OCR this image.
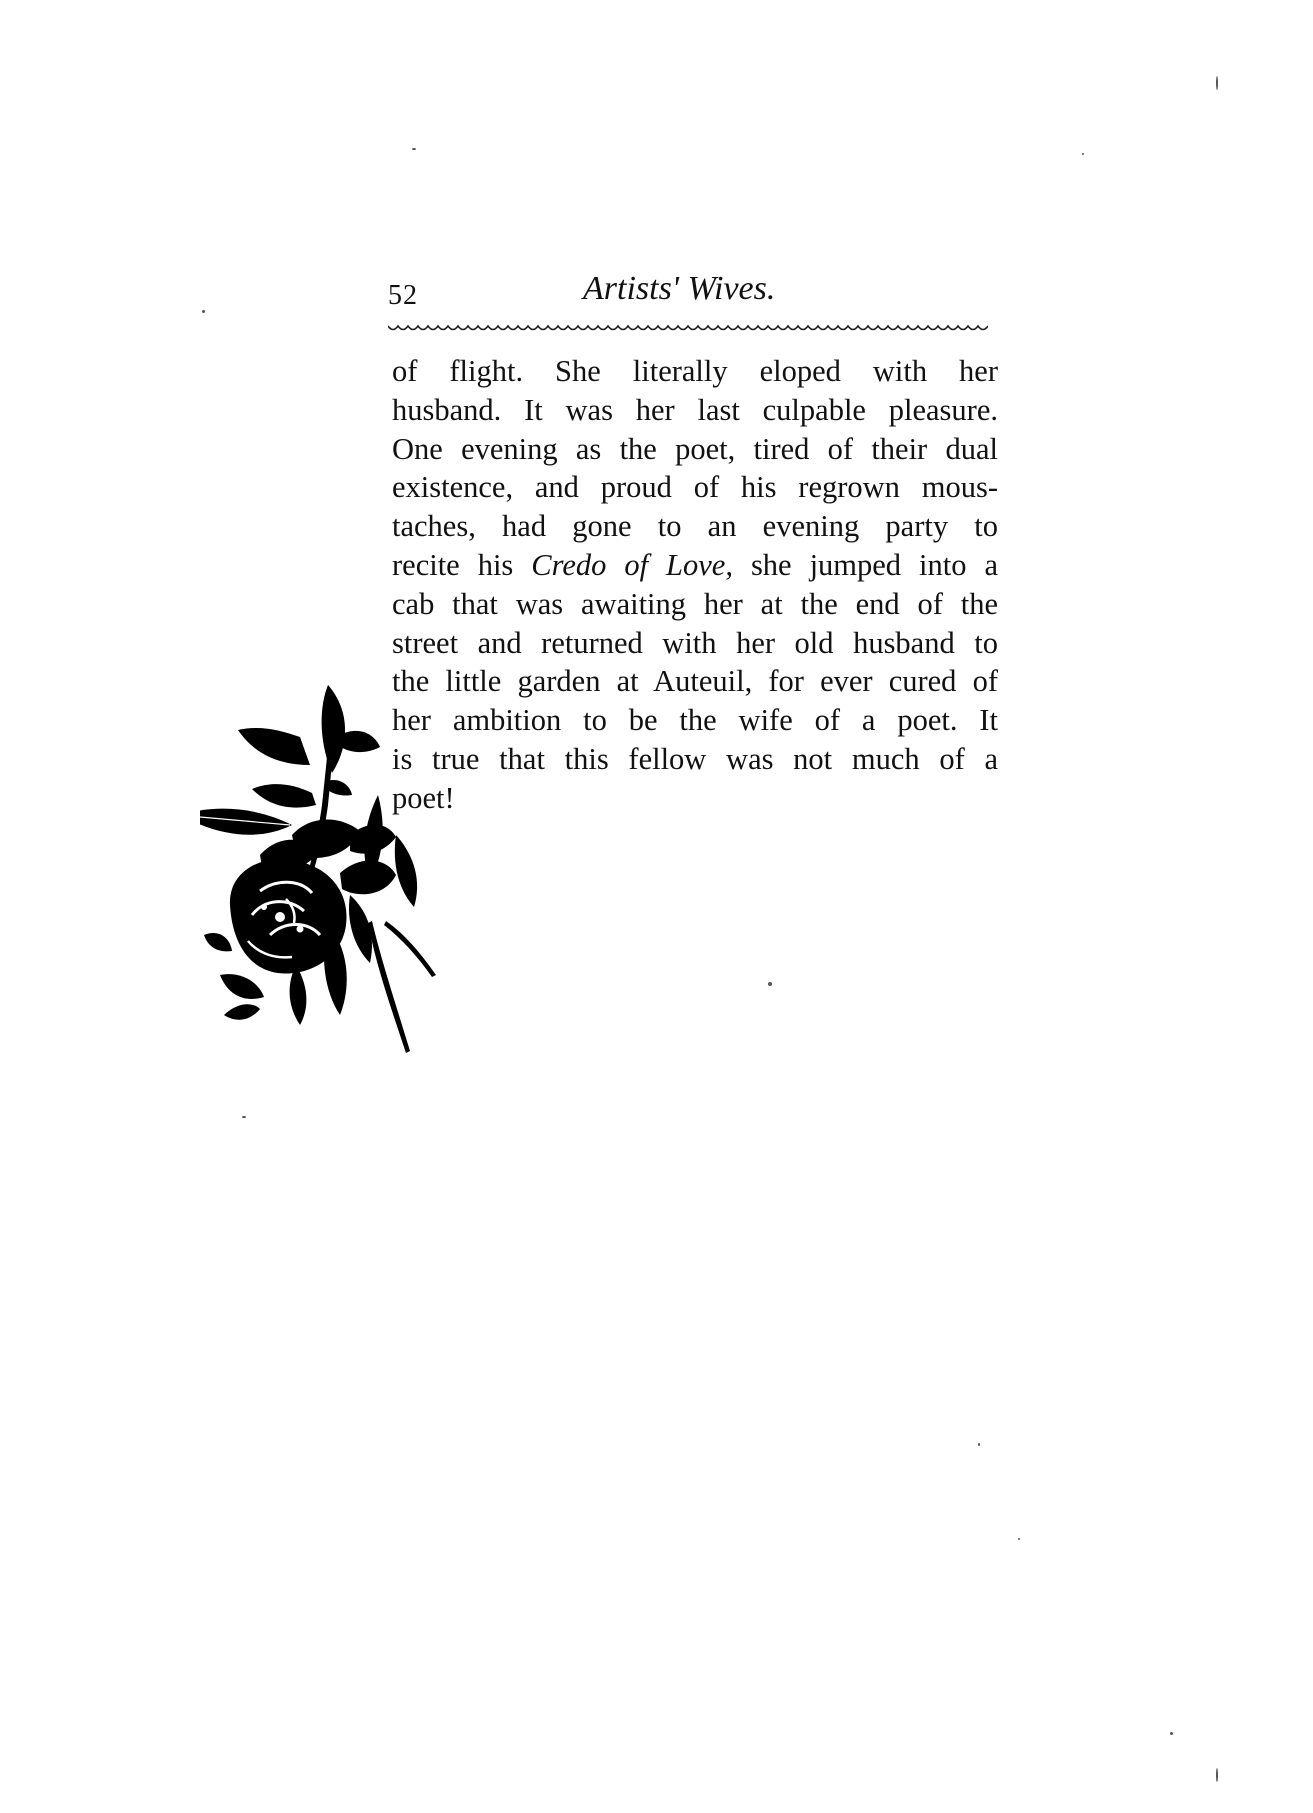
52	Artists' Wives.
of flight. She literally eloped with her
husband. It was her last culpable pleasure.
One evening as the poet, tired of their dual
existence, and proud of his regrown mous-
taches, had gone to an evening party to
recite his Credo of Love, she jumped into a
cab that was awaiting her at the end of the
street and returned with her old husband to
the little garden at Auteuil, for ever cured of
her ambition to be the wife of a poet. It
is true that this fellow was not much of a
poet!
